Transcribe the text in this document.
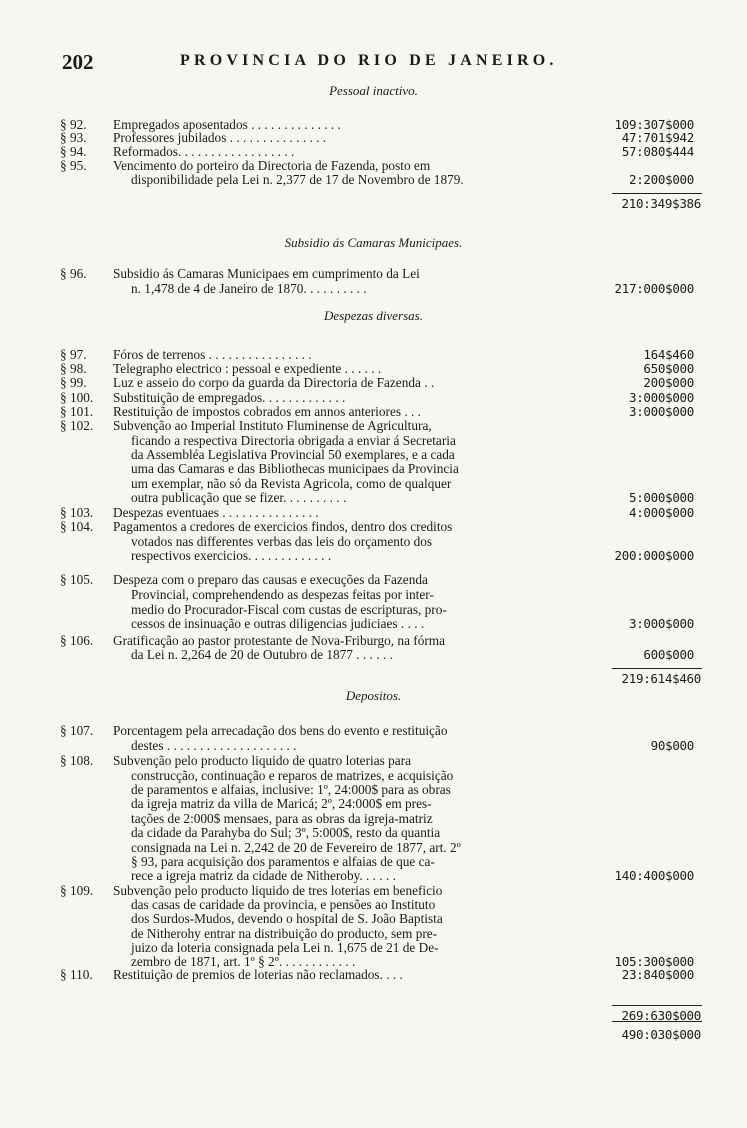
202	PROVINCIA DO RIO DE JANEIRO.
Pessoal inactivo.
§ 92. Empregados aposentados . . . . . . . . . . . . . .	109:307$000
§ 93. Professores jubilados . . . . . . . . . . . . . . .	47:701$942
§ 94. Reformados. . . . . . . . . . . . . . . . . .	57:080$444
§ 95. Vencimento do porteiro da Directoria de Fazenda, posto em
disponibilidade pela Lei n. 2,377 de 17 de Novembro de 1879.	2:200$000
210:349$386
Subsidio ás Camaras Municipaes.
§ 96. Subsidio ás Camaras Municipaes em cumprimento da Lei
n. 1,478 de 4 de Janeiro de 1870. . . . . . . . . .	217:000$000
Despezas diversas.
§ 97. Fóros de terrenos . . . . . . . . . . . . . . . .	164$460
§ 98. Telegrapho electrico : pessoal e expediente . . . . . .	650$000
§ 99. Luz e asseio do corpo da guarda da Directoria de Fazenda . .	200$000
§ 100. Substituição de empregados. . . . . . . . . . . . .	3:000$000
§ 101. Restituição de impostos cobrados em annos anteriores . . .	3:000$000
§ 102. Subvenção ao Imperial Instituto Fluminense de Agricultura,
ficando a respectiva Directoria obrigada a enviar á Secretaria
da Assembléa Legislativa Provincial 50 exemplares, e a cada
uma das Camaras e das Bibliothecas municipaes da Provincia
um exemplar, não só da Revista Agricola, como de qualquer
outra publicação que se fizer. . . . . . . . . .	5:000$000
§ 103. Despezas eventuaes . . . . . . . . . . . . . . .	4:000$000
§ 104. Pagamentos a credores de exercicios findos, dentro dos creditos
votados nas differentes verbas das leis do orçamento dos
respectivos exercicios. . . . . . . . . . . . .	200:000$000
§ 105. Despeza com o preparo das causas e execuções da Fazenda
Provincial, comprehendendo as despezas feitas por inter-
medio do Procurador-Fiscal com custas de escripturas, pro-
cessos de insinuação e outras diligencias judiciaes . . . .	3:000$000
§ 106. Gratificação ao pastor protestante de Nova-Friburgo, na fórma
da Lei n. 2,264 de 20 de Outubro de 1877 . . . . . .	600$000
219:614$460
Depositos.
§ 107. Porcentagem pela arrecadação dos bens do evento e restituição
destes . . . . . . . . . . . . . . . . . . . .	90$000
§ 108. Subvenção pelo producto liquido de quatro loterias para
construcção, continuação e reparos de matrizes, e acquisição
de paramentos e alfaias, inclusive: 1º, 24:000$ para as obras
da igreja matriz da villa de Maricá; 2º, 24:000$ em pres-
tações de 2:000$ mensaes, para as obras da igreja-matriz
da cidade da Parahyba do Sul; 3º, 5:000$, resto da quantia
consignada na Lei n. 2,242 de 20 de Fevereiro de 1877, art. 2º
§ 93, para acquisição dos paramentos e alfaias de que ca-
rece a igreja matriz da cidade de Nitheroby. . . . . .	140:400$000
§ 109. Subvenção pelo producto liquido de tres loterias em beneficio
das casas de caridade da provincia, e pensões ao Instituto
dos Surdos-Mudos, devendo o hospital de S. João Baptista
de Nitherohy entrar na distribuição do producto, sem pre-
juizo da loteria consignada pela Lei n. 1,675 de 21 de De-
zembro de 1871, art. 1º § 2º. . . . . . . . . . . .	105:300$000
§ 110. Restituição de premios de loterias não reclamados. . . .	23:840$000
269:630$000
490:030$000
